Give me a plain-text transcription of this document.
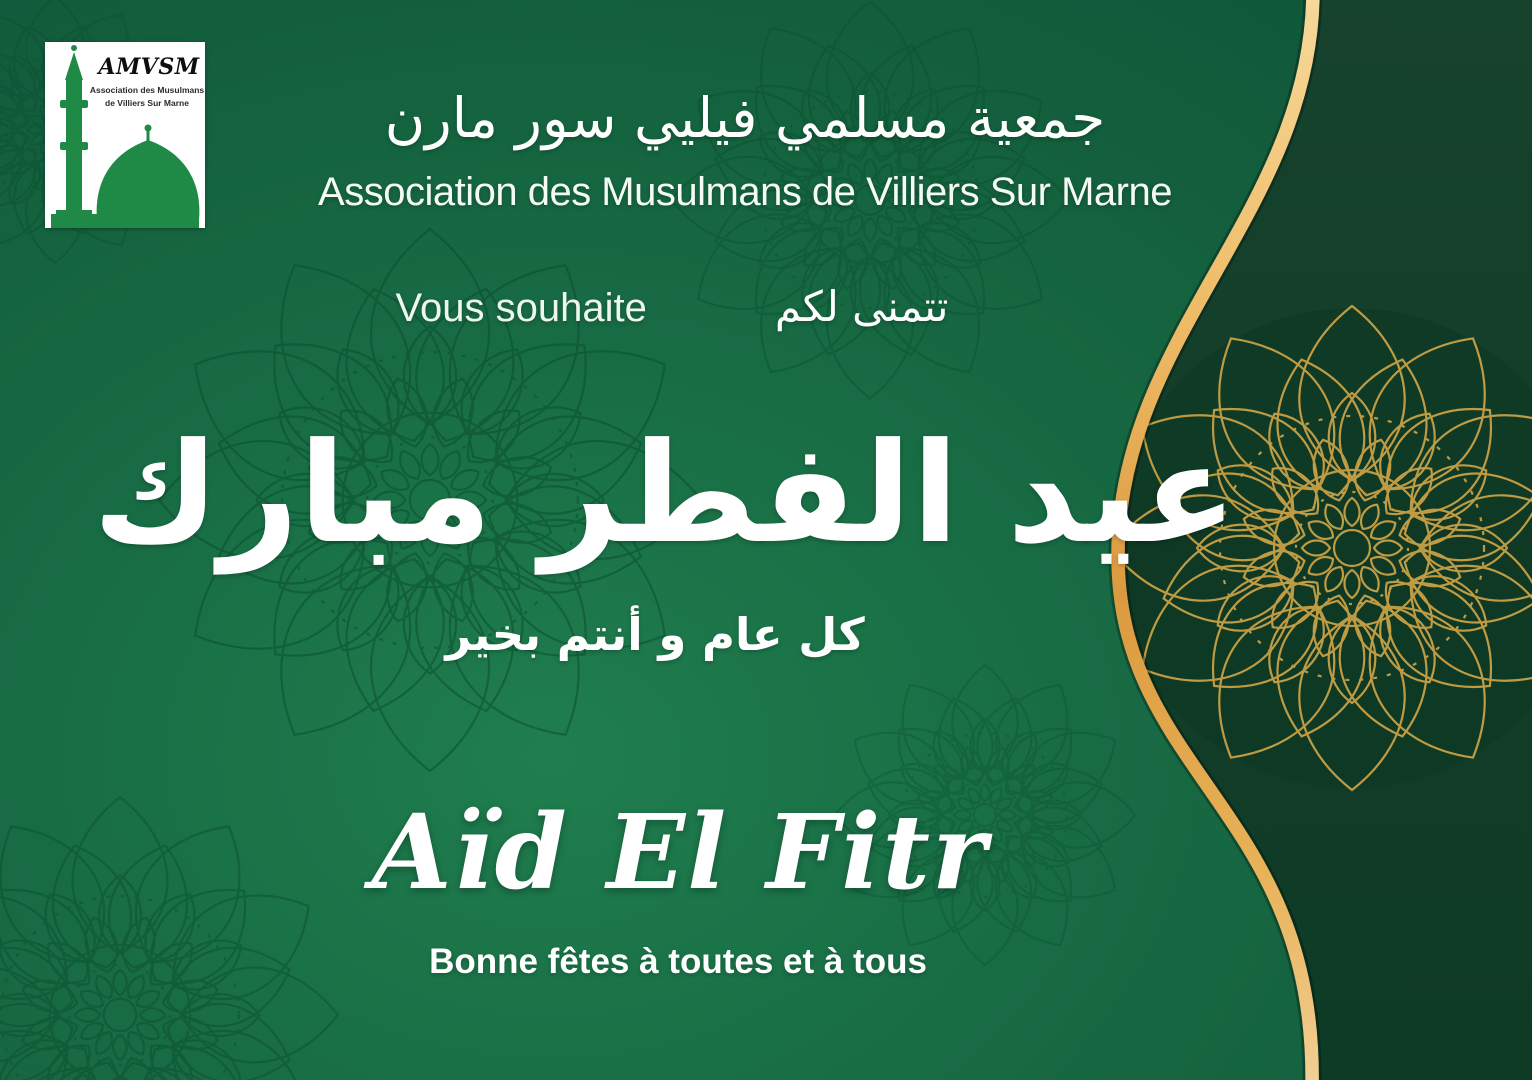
AMVSM
Association des Musulmans
de Villiers Sur Marne	جمعية مسلمي فيليي سور مارن
Association des Musulmans de Villiers Sur Marne
Vous souhaite	تتمنى لكم
عيد الفطر مبارك
كل عام و أنتم بخير
Aïd El Fitr
Bonne fêtes à toutes et à tous
